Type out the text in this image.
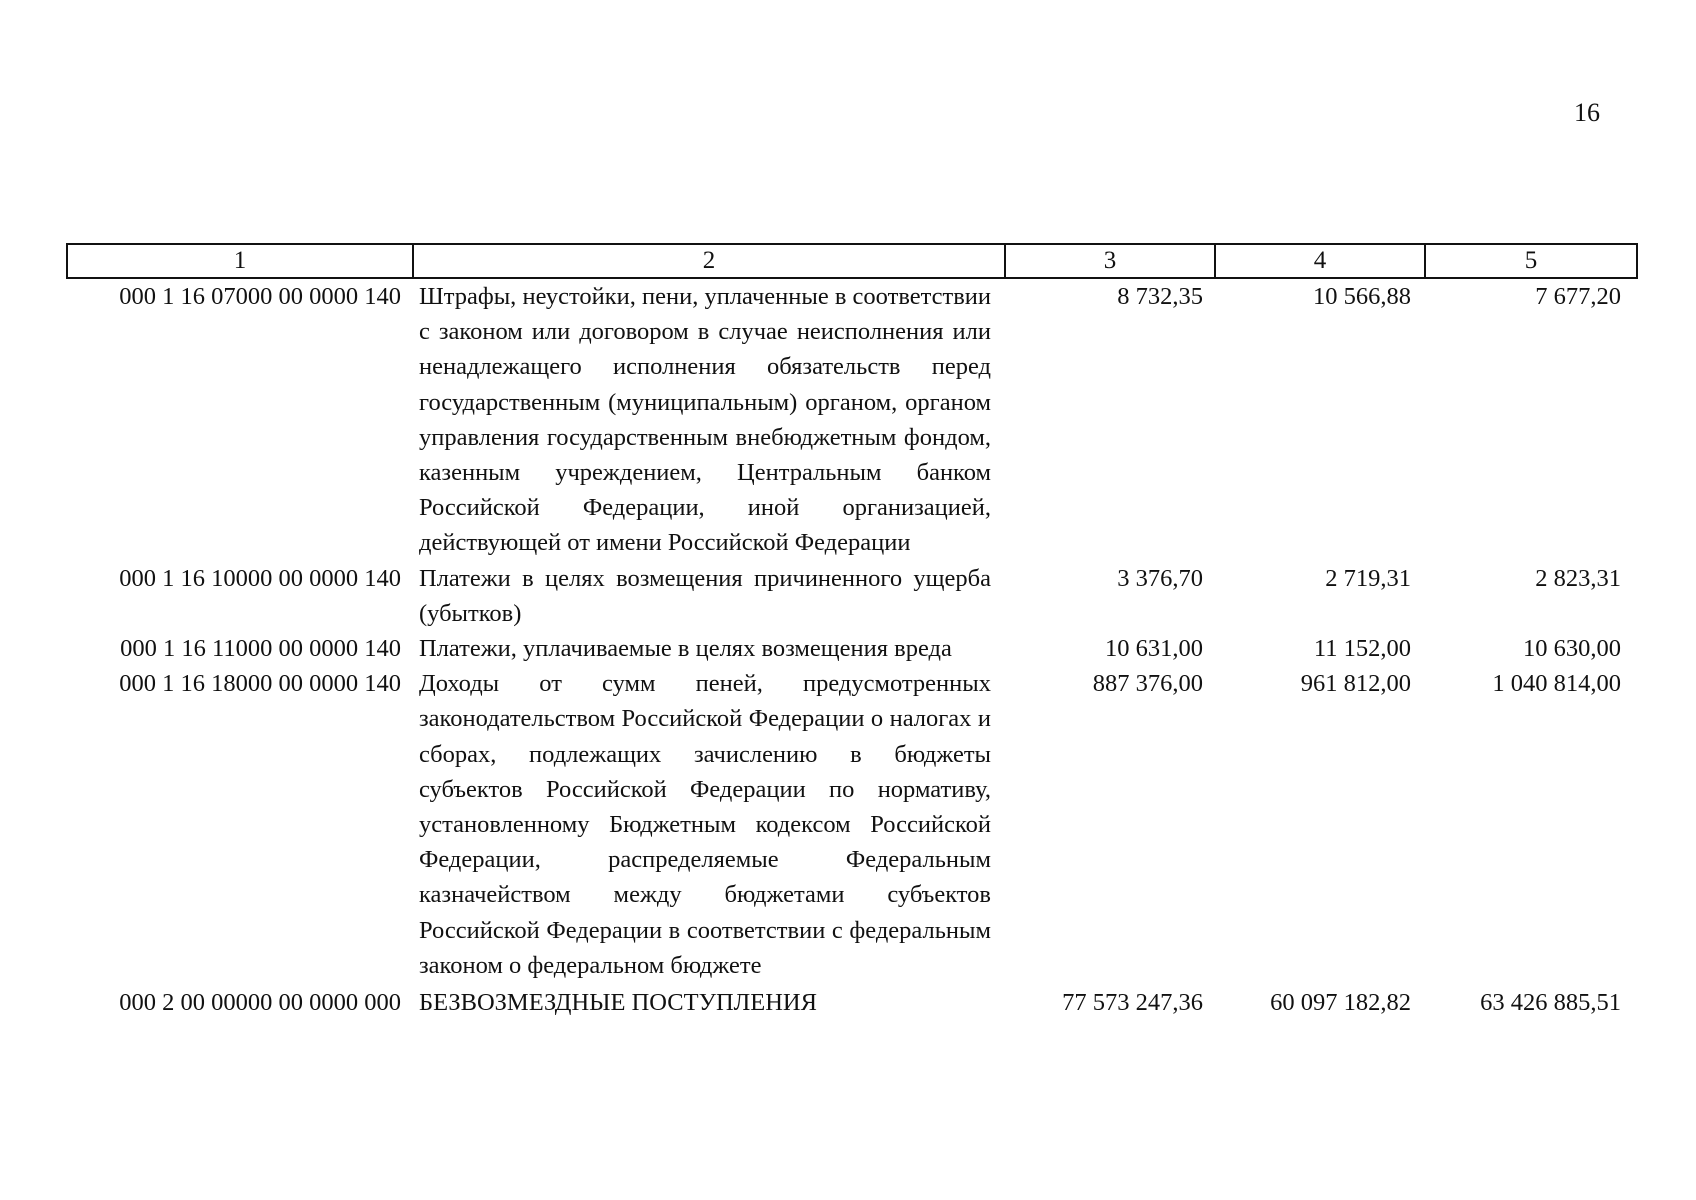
16
1	2	3	4	5
000 1 16 07000 00 0000 140	Штрафы, неустойки, пени, уплаченные в соответствии с законом или договором в случае неисполнения или ненадлежащего исполнения обязательств перед государственным (муниципальным) органом, органом управления государственным внебюджетным фондом, казенным учреждением, Центральным банком Российской Федерации, иной организацией, действующей от имени Российской Федерации	8 732,35	10 566,88	7 677,20
000 1 16 10000 00 0000 140	Платежи в целях возмещения причиненного ущерба (убытков)	3 376,70	2 719,31	2 823,31
000 1 16 11000 00 0000 140	Платежи, уплачиваемые в целях возмещения вреда	10 631,00	11 152,00	10 630,00
000 1 16 18000 00 0000 140	Доходы от сумм пеней, предусмотренных законодательством Российской Федерации о налогах и сборах, подлежащих зачислению в бюджеты субъектов Российской Федерации по нормативу, установленному Бюджетным кодексом Российской Федерации, распределяемые Федеральным казначейством между бюджетами субъектов Российской Федерации в соответствии с федеральным законом о федеральном бюджете	887 376,00	961 812,00	1 040 814,00
000 2 00 00000 00 0000 000	БЕЗВОЗМЕЗДНЫЕ ПОСТУПЛЕНИЯ	77 573 247,36	60 097 182,82	63 426 885,51
